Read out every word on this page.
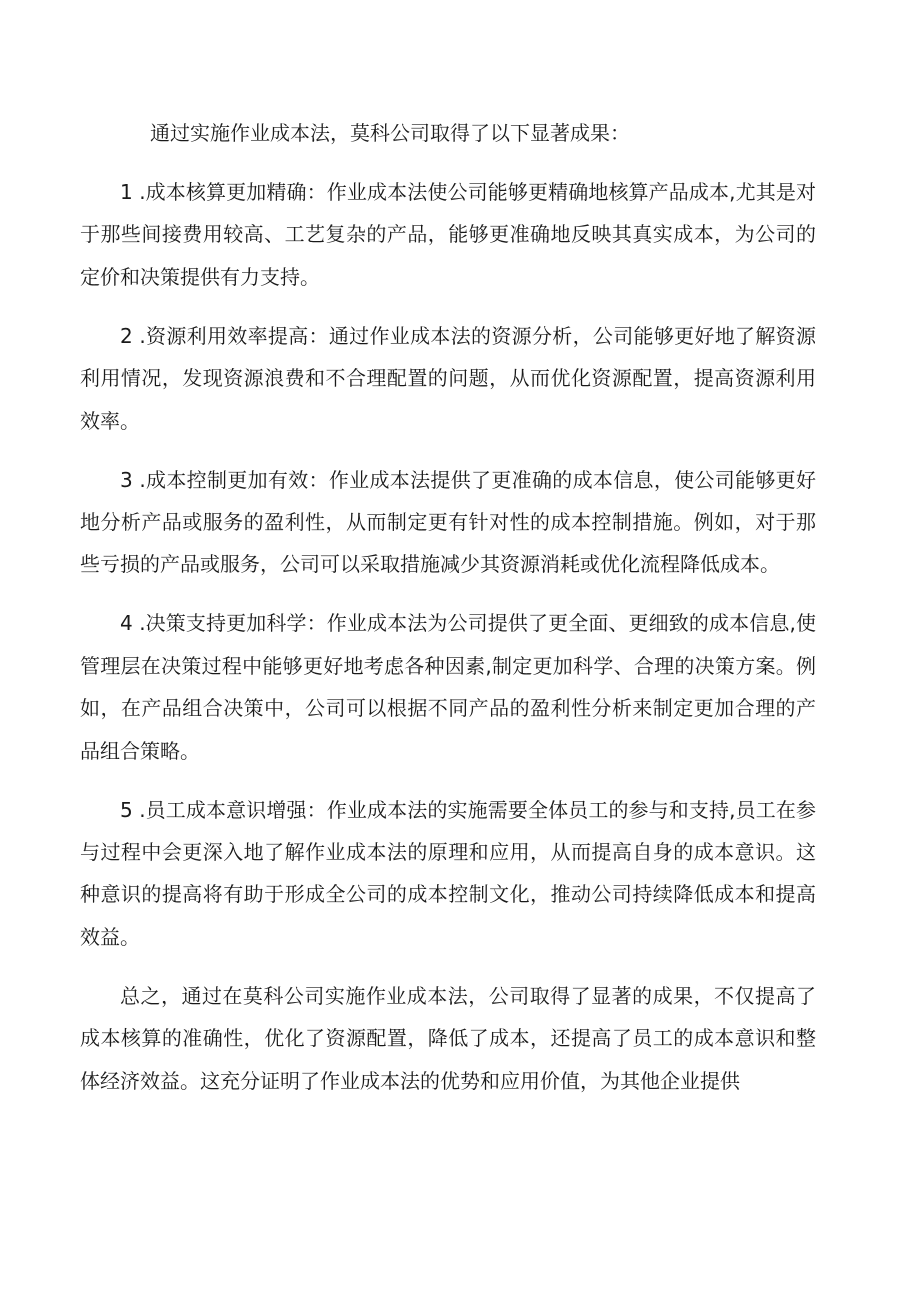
通过实施作业成本法，莫科公司取得了以下显著成果：

1 .成本核算更加精确：作业成本法使公司能够更精确地核算产品成本,尤其是对于那些间接费用较高、工艺复杂的产品，能够更准确地反映其真实成本，为公司的定价和决策提供有力支持。

2 .资源利用效率提高：通过作业成本法的资源分析，公司能够更好地了解资源利用情况，发现资源浪费和不合理配置的问题，从而优化资源配置，提高资源利用效率。

3 .成本控制更加有效：作业成本法提供了更准确的成本信息，使公司能够更好地分析产品或服务的盈利性，从而制定更有针对性的成本控制措施。例如，对于那些亏损的产品或服务，公司可以采取措施减少其资源消耗或优化流程降低成本。

4 .决策支持更加科学：作业成本法为公司提供了更全面、更细致的成本信息,使管理层在决策过程中能够更好地考虑各种因素,制定更加科学、合理的决策方案。例如，在产品组合决策中，公司可以根据不同产品的盈利性分析来制定更加合理的产品组合策略。

5 .员工成本意识增强：作业成本法的实施需要全体员工的参与和支持,员工在参与过程中会更深入地了解作业成本法的原理和应用，从而提高自身的成本意识。这种意识的提高将有助于形成全公司的成本控制文化，推动公司持续降低成本和提高效益。

总之，通过在莫科公司实施作业成本法，公司取得了显著的成果，不仅提高了成本核算的准确性，优化了资源配置，降低了成本，还提高了员工的成本意识和整体经济效益。这充分证明了作业成本法的优势和应用价值，为其他企业提供
